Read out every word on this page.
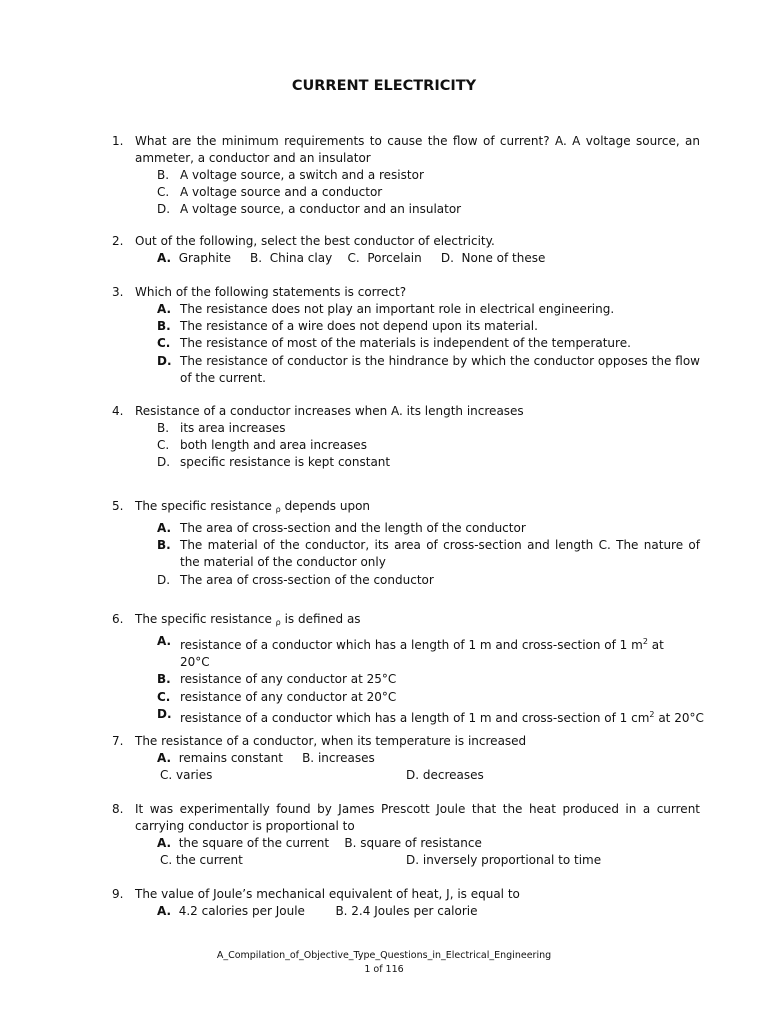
CURRENT ELECTRICITY
1. What are the minimum requirements to cause the flow of current? A. A voltage source, an ammeter, a conductor and an insulator
B. A voltage source, a switch and a resistor
C. A voltage source and a conductor
D. A voltage source, a conductor and an insulator
2. Out of the following, select the best conductor of electricity.
A. Graphite B. China clay C. Porcelain D. None of these
3. Which of the following statements is correct?
A. The resistance does not play an important role in electrical engineering.
B. The resistance of a wire does not depend upon its material.
C. The resistance of most of the materials is independent of the temperature.
D. The resistance of conductor is the hindrance by which the conductor opposes the flow of the current.
4. Resistance of a conductor increases when A. its length increases
B. its area increases
C. both length and area increases
D. specific resistance is kept constant
5. The specific resistance $_\rho$ depends upon
A. The area of cross-section and the length of the conductor
B. The material of the conductor, its area of cross-section and length C. The nature of the material of the conductor only
D. The area of cross-section of the conductor
6. The specific resistance $_\rho$ is defined as
A. resistance of a conductor which has a length of 1 m and cross-section of 1 $m^2$ at
20°C
B. resistance of any conductor at 25°C
C. resistance of any conductor at 20°C
D. resistance of a conductor which has a length of 1 m and cross-section of 1 $cm^2$ at 20°C
7. The resistance of a conductor, when its temperature is increased
A. remains constant B. increases
C. varies	D. decreases
8. It was experimentally found by James Prescott Joule that the heat produced in a current carrying conductor is proportional to
A. the square of the current B. square of resistance
C. the current	D. inversely proportional to time
9. The value of Joule’s mechanical equivalent of heat, J, is equal to
A. 4.2 calories per Joule	B. 2.4 Joules per calorie
A_Compilation_of_Objective_Type_Questions_in_Electrical_Engineering
1 of 116
